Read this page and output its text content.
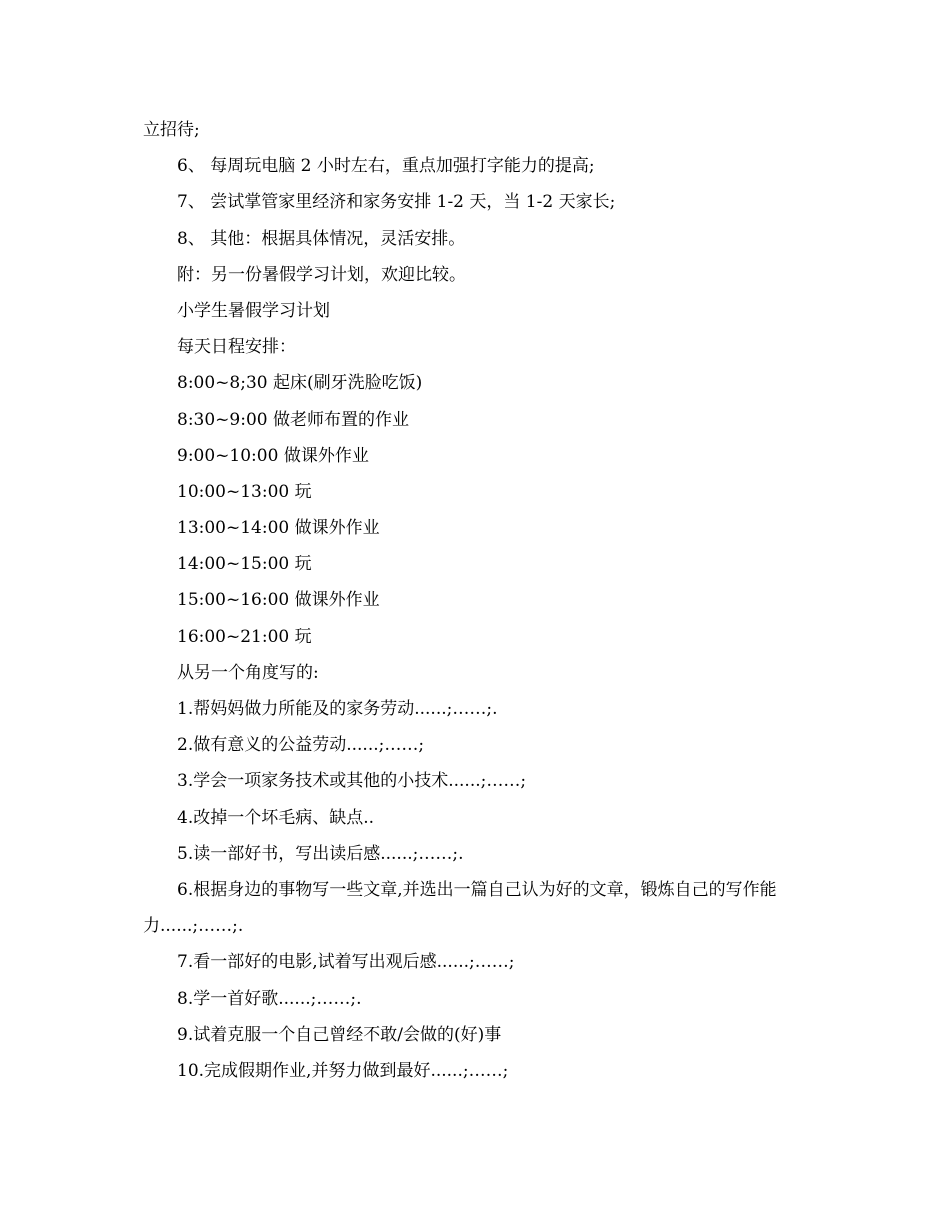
立招待;
6、 每周玩电脑 2 小时左右，重点加强打字能力的提高;
7、 尝试掌管家里经济和家务安排 1-2 天，当 1-2 天家长;
8、 其他：根据具体情况，灵活安排。
附：另一份暑假学习计划，欢迎比较。
小学生暑假学习计划
每天日程安排：
8:00~8;30 起床(刷牙洗脸吃饭)
8:30~9:00 做老师布置的作业
9:00~10:00 做课外作业
10:00~13:00 玩
13:00~14:00 做课外作业
14:00~15:00 玩
15:00~16:00 做课外作业
16:00~21:00 玩
从另一个角度写的:
1.帮妈妈做力所能及的家务劳动......;……;.
2.做有意义的公益劳动......;……;
3.学会一项家务技术或其他的小技术......;……;
4.改掉一个坏毛病、缺点..
5.读一部好书，写出读后感......;……;.
6.根据身边的事物写一些文章,并选出一篇自己认为好的文章，锻炼自己的写作能力......;……;.
7.看一部好的电影,试着写出观后感......;……;
8.学一首好歌......;……;.
9.试着克服一个自己曾经不敢/会做的(好)事
10.完成假期作业,并努力做到最好......;……;
